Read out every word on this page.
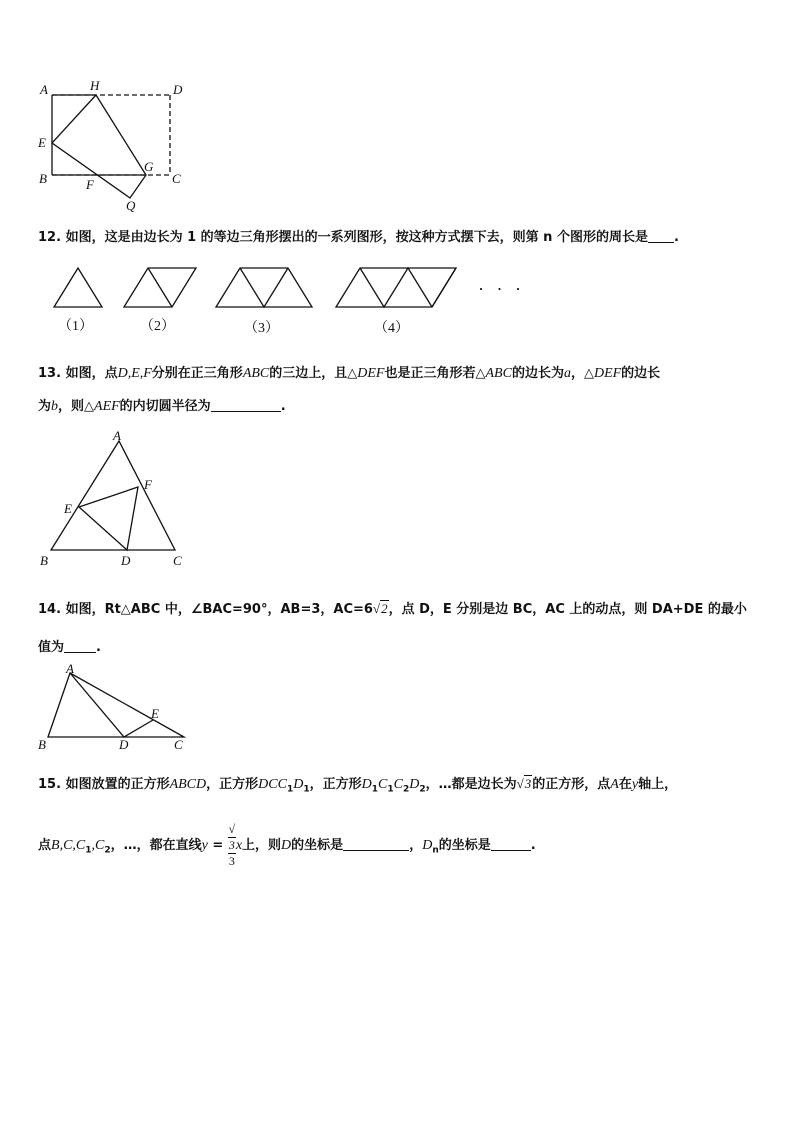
A	H	D
E
B	F
G
C
Q
12. 如图，这是由边长为 1 的等边三角形摆出的一系列图形，按这种方式摆下去，则第 n 个图形的周长是 .
（1）	（2）	（3）	（4）
· · ·
13. 如图，点D,E,F分别在正三角形ABC的三边上，且△DEF也是正三角形若△ABC的边长为a，△DEF的边长
为b，则△AEF的内切圆半径为	.
A
F
E
B	D	C
14. 如图，Rt△ABC 中，∠BAC=90°，AB=3，AC=6√2，点 D，E 分别是边 BC，AC 上的动点，则 DA+DE 的最小
值为 .
A
E
B	D	C
15. 如图放置的正方形ABCD，正方形$DCC_1D_1$，正方形$D_1C_1C_2D_2$，…都是边长为√3的正方形，点A在y轴上，
点$B,C,C_1,C_2$，…，都在直线y = √
3
3 x上，则D的坐标是	，$D_n$的坐标是	.
